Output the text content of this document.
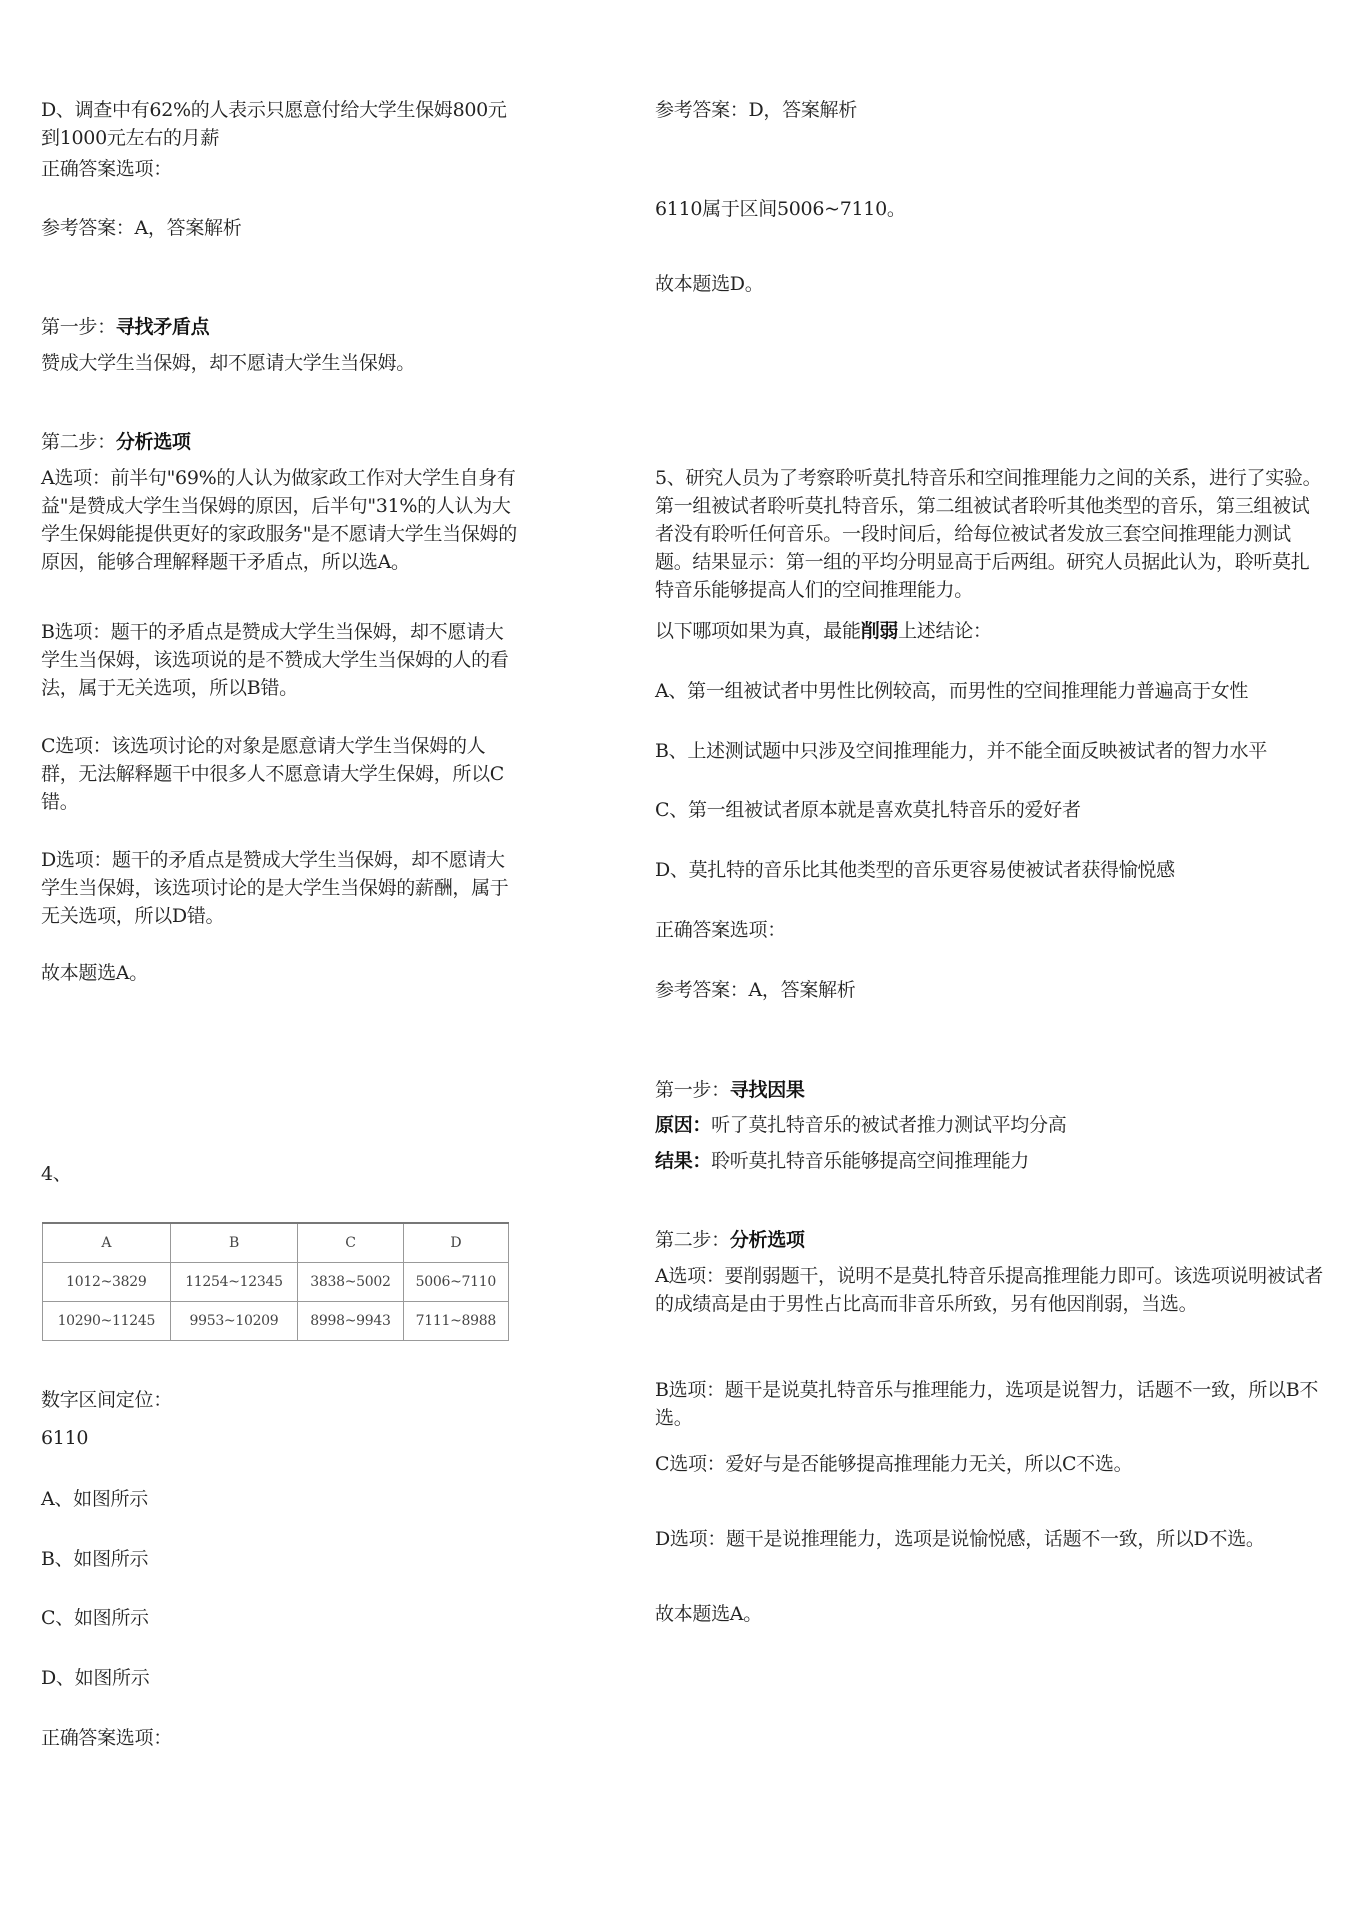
D、调查中有62%的人表示只愿意付给大学生保姆800元到1000元左右的月薪

正确答案选项：

参考答案：A，答案解析

第一步：寻找矛盾点

赞成大学生当保姆，却不愿请大学生当保姆。

第二步：分析选项

A选项：前半句"69%的人认为做家政工作对大学生自身有益"是赞成大学生当保姆的原因，后半句"31%的人认为大学生保姆能提供更好的家政服务"是不愿请大学生当保姆的原因，能够合理解释题干矛盾点，所以选A。

B选项：题干的矛盾点是赞成大学生当保姆，却不愿请大学生当保姆，该选项说的是不赞成大学生当保姆的人的看法，属于无关选项，所以B错。

C选项：该选项讨论的对象是愿意请大学生当保姆的人群，无法解释题干中很多人不愿意请大学生保姆，所以C错。

D选项：题干的矛盾点是赞成大学生当保姆，却不愿请大学生当保姆，该选项讨论的是大学生当保姆的薪酬，属于无关选项，所以D错。

故本题选A。

4、

A	B	C	D
1012~3829	11254~12345	3838~5002	5006~7110
10290~11245	9953~10209	8998~9943	7111~8988

数字区间定位：

6110

A、如图所示

B、如图所示

C、如图所示

D、如图所示

正确答案选项：

参考答案：D，答案解析

6110属于区间5006~7110。

故本题选D。

5、研究人员为了考察聆听莫扎特音乐和空间推理能力之间的关系，进行了实验。第一组被试者聆听莫扎特音乐，第二组被试者聆听其他类型的音乐，第三组被试者没有聆听任何音乐。一段时间后，给每位被试者发放三套空间推理能力测试题。结果显示：第一组的平均分明显高于后两组。研究人员据此认为，聆听莫扎特音乐能够提高人们的空间推理能力。

以下哪项如果为真，最能削弱上述结论：

A、第一组被试者中男性比例较高，而男性的空间推理能力普遍高于女性

B、上述测试题中只涉及空间推理能力，并不能全面反映被试者的智力水平

C、第一组被试者原本就是喜欢莫扎特音乐的爱好者

D、莫扎特的音乐比其他类型的音乐更容易使被试者获得愉悦感

正确答案选项：

参考答案：A，答案解析

第一步：寻找因果

原因：听了莫扎特音乐的被试者推力测试平均分高

结果：聆听莫扎特音乐能够提高空间推理能力

第二步：分析选项

A选项：要削弱题干，说明不是莫扎特音乐提高推理能力即可。该选项说明被试者的成绩高是由于男性占比高而非音乐所致，另有他因削弱，当选。

B选项：题干是说莫扎特音乐与推理能力，选项是说智力，话题不一致，所以B不选。

C选项：爱好与是否能够提高推理能力无关，所以C不选。

D选项：题干是说推理能力，选项是说愉悦感，话题不一致，所以D不选。

故本题选A。
